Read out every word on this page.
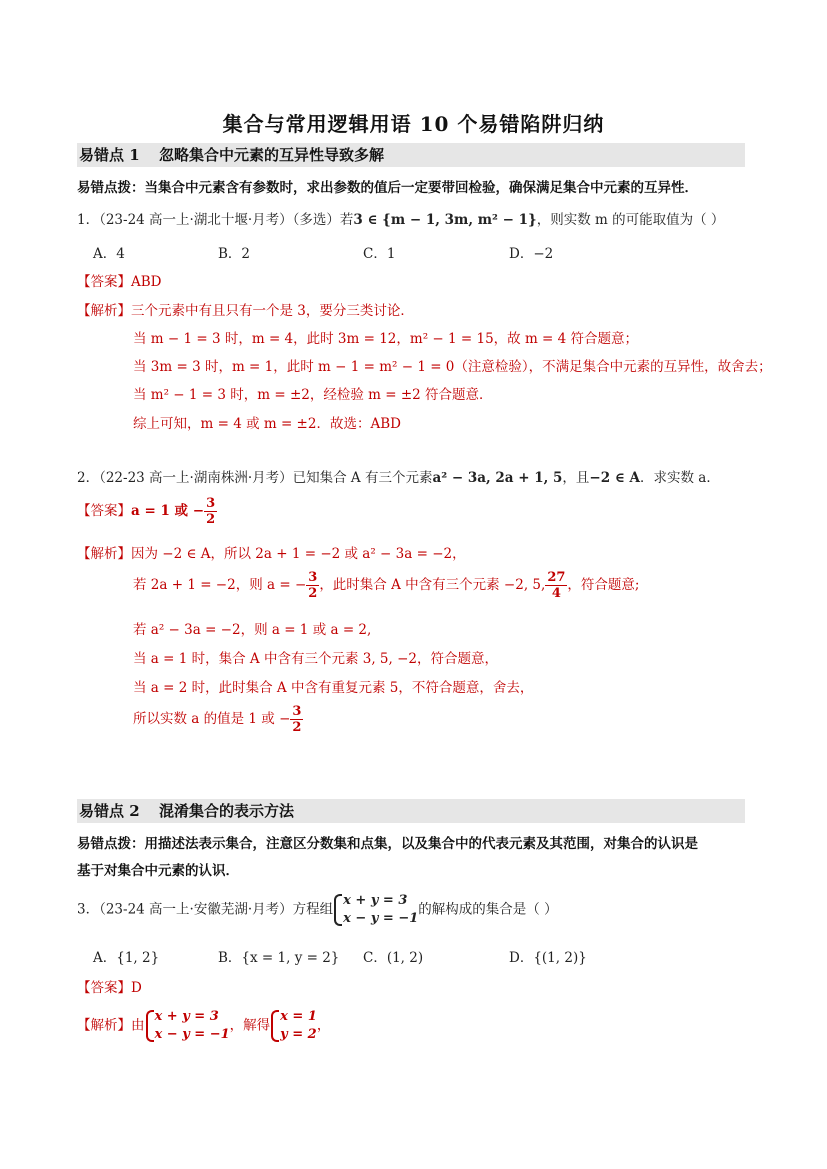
集合与常用逻辑用语 10 个易错陷阱归纳
易错点 1 忽略集合中元素的互异性导致多解
易错点拨：当集合中元素含有参数时，求出参数的值后一定要带回检验，确保满足集合中元素的互异性．
1．（23-24 高一上·湖北十堰·月考）（多选）若3 ∈ {m − 1, 3m, m² − 1}，则实数 m 的可能取值为（ ）
A．4	B．2	C．1	D．−2
【答案】ABD
【解析】三个元素中有且只有一个是 3，要分三类讨论．
当 m − 1 = 3 时，m = 4，此时 3m = 12，m² − 1 = 15，故 m = 4 符合题意；
当 3m = 3 时，m = 1，此时 m − 1 = m² − 1 = 0（注意检验），不满足集合中元素的互异性，故舍去；
当 m² − 1 = 3 时，m = ±2，经检验 m = ±2 符合题意．
综上可知，m = 4 或 m = ±2．故选：ABD
2．（22-23 高一上·湖南株洲·月考）已知集合 A 有三个元素a² − 3a, 2a + 1, 5，且−2 ∈ A．求实数 a．
【答案】a = 1 或 − $\frac{3}{2}$
【解析】因为 −2 ∈ A，所以 2a + 1 = −2 或 a² − 3a = −2，
若 2a + 1 = −2，则 a = − $\frac{3}{2}$ ，此时集合 A 中含有三个元素 −2, 5, $\frac{27}{4}$ ，符合题意;
若 a² − 3a = −2，则 a = 1 或 a = 2,
当 a = 1 时，集合 A 中含有三个元素 3, 5, −2，符合题意，
当 a = 2 时，此时集合 A 中含有重复元素 5，不符合题意，舍去，
所以实数 a 的值是 1 或 − $\frac{3}{2}$
易错点 2 混淆集合的表示方法
易错点拨：用描述法表示集合，注意区分数集和点集，以及集合中的代表元素及其范围，对集合的认识是
基于对集合中元素的认识．
3．（23-24 高一上·安徽芜湖·月考）方程组
x + y = 3
x − y = −1
的解构成的集合是（ ）
A．{1, 2}	B．{x = 1, y = 2} C．(1, 2)	D．{(1, 2)}
【答案】D
【解析】由
x + y = 3
x − y = −1
，解得
x = 1
y = 2
，
